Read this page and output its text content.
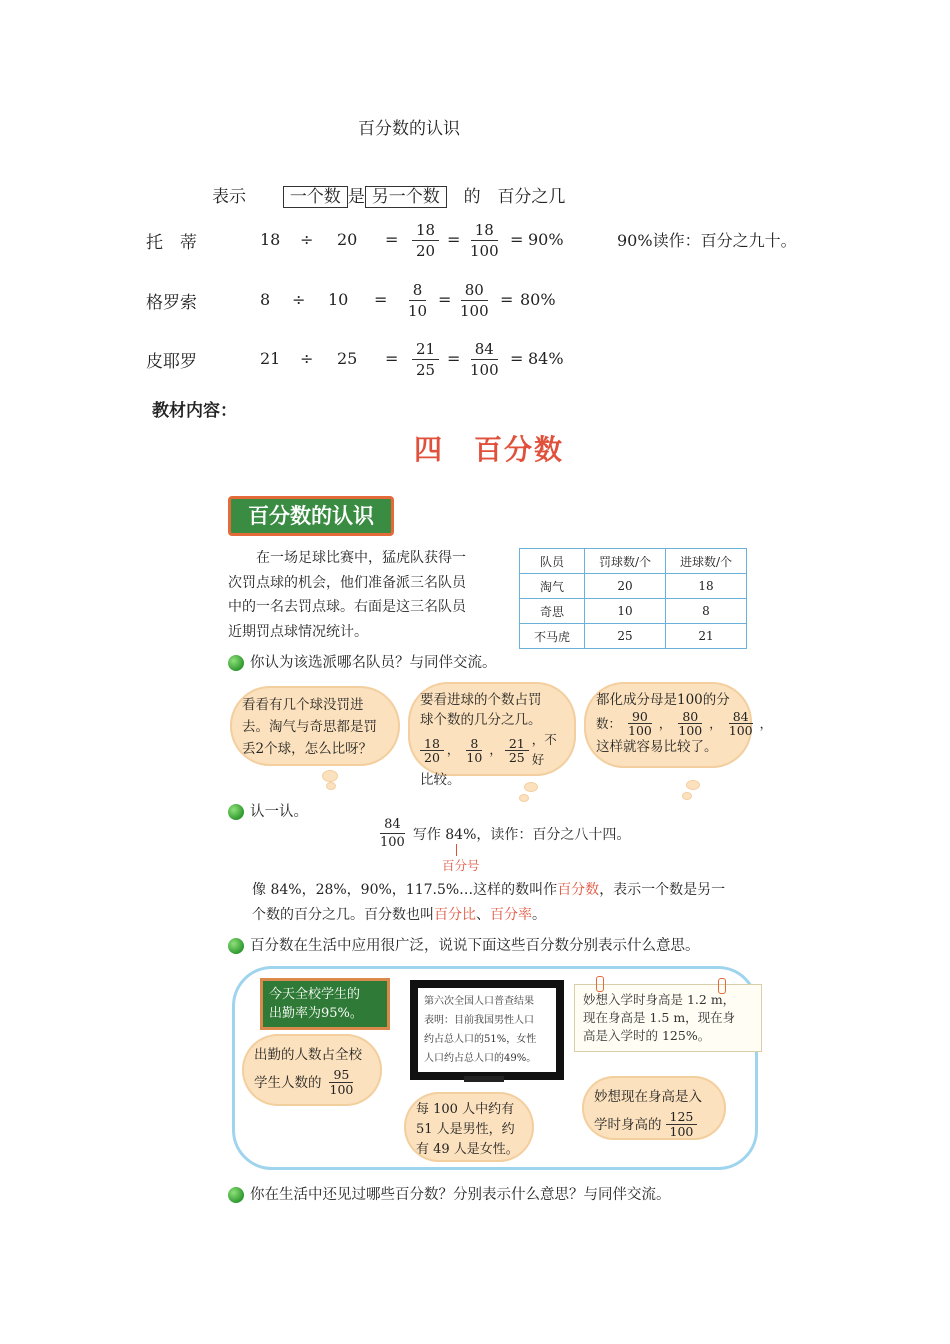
百分数的认识
表示	一个数 是 另一个数 的 百分之几
托　蒂	$18 \div 20 = \frac{18}{20} = \frac{18}{100} = 90\%$	90%读作：百分之九十。
格罗索	$8 \div 10 = \frac{8}{10} = \frac{80}{100} = 80\%$
皮耶罗	$21 \div 25 = \frac{21}{25} = \frac{84}{100} = 84\%$
教材内容：
四　百分数
百分数的认识
在一场足球比赛中，猛虎队获得一
次罚点球的机会，他们准备派三名队员
中的一名去罚点球。右面是这三名队员
近期罚点球情况统计。
队员	罚球数/个	进球数/个
淘气	20	18
奇思	10	8
不马虎	25	21
你认为该选派哪名队员？与同伴交流。
看看有几个球没罚进
去。淘气与奇思都是罚
丢2个球，怎么比呀？
要看进球的个数占罚
球个数的几分之几。
$\frac{18}{20}$ ， $\frac{8}{10}$ ， $\frac{21}{25}$ ，不好
比较。
都化成分母是100的分
数： $\frac{90}{100}$ ， $\frac{80}{100}$ ， $\frac{84}{100}$ ，
这样就容易比较了。
认一认。
$\frac{84}{100}$ 写作 84%，读作：百分之八十四。
百分号
像 84%，28%，90%，117.5%…这样的数叫作百分数，表示一个数是另一
个数的百分之几。百分数也叫百分比、百分率。
百分数在生活中应用很广泛，说说下面这些百分数分别表示什么意思。
今天全校学生的
出勤率为95%。
第六次全国人口普查结果
表明：目前我国男性人口
约占总人口的51%，女性
人口约占总人口的49%。
妙想入学时身高是 1.2 m，
现在身高是 1.5 m，现在身
高是入学时的 125%。
出勤的人数占全校
学生人数的 $\frac{95}{100}$
每 100 人中约有
51 人是男性，约
有 49 人是女性。
妙想现在身高是入
学时身高的 $\frac{125}{100}$
你在生活中还见过哪些百分数？分别表示什么意思？与同伴交流。
